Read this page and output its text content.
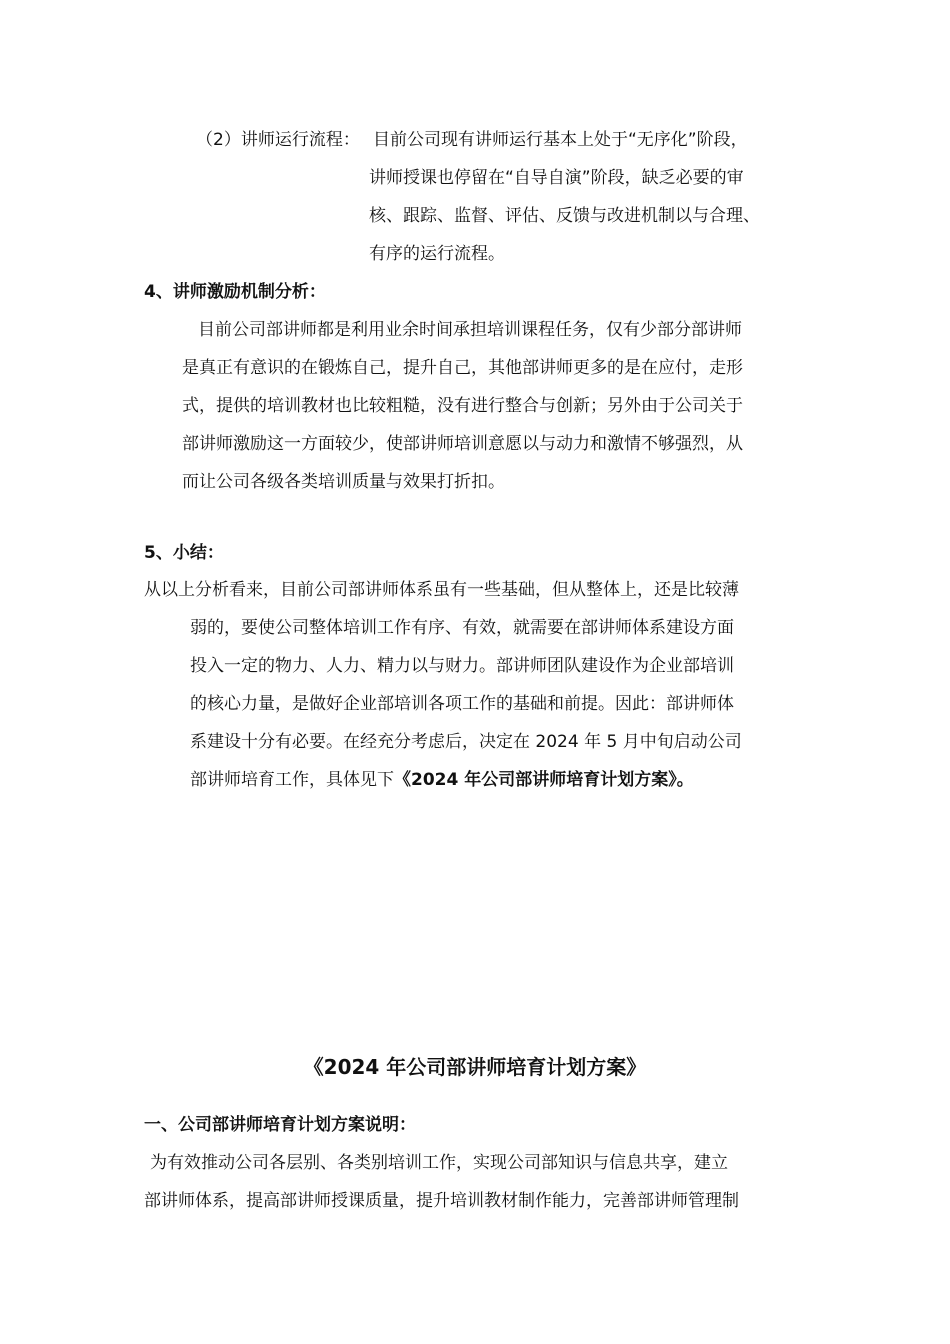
（2）讲师运行流程： 目前公司现有讲师运行基本上处于“无序化”阶段，
讲师授课也停留在“自导自演”阶段，缺乏必要的审
核、跟踪、监督、评估、反馈与改进机制以与合理、
有序的运行流程。
4、讲师激励机制分析：
目前公司部讲师都是利用业余时间承担培训课程任务，仅有少部分部讲师
是真正有意识的在锻炼自己，提升自己，其他部讲师更多的是在应付，走形
式，提供的培训教材也比较粗糙，没有进行整合与创新；另外由于公司关于
部讲师激励这一方面较少，使部讲师培训意愿以与动力和激情不够强烈，从
而让公司各级各类培训质量与效果打折扣。
5、小结：
从以上分析看来，目前公司部讲师体系虽有一些基础，但从整体上，还是比较薄
弱的，要使公司整体培训工作有序、有效，就需要在部讲师体系建设方面
投入一定的物力、人力、精力以与财力。部讲师团队建设作为企业部培训
的核心力量，是做好企业部培训各项工作的基础和前提。因此：部讲师体
系建设十分有必要。在经充分考虑后，决定在 2024 年 5 月中旬启动公司
部讲师培育工作，具体见下《2024 年公司部讲师培育计划方案》。
《2024 年公司部讲师培育计划方案》
一、公司部讲师培育计划方案说明：
为有效推动公司各层别、各类别培训工作，实现公司部知识与信息共享，建立
部讲师体系，提高部讲师授课质量，提升培训教材制作能力，完善部讲师管理制
